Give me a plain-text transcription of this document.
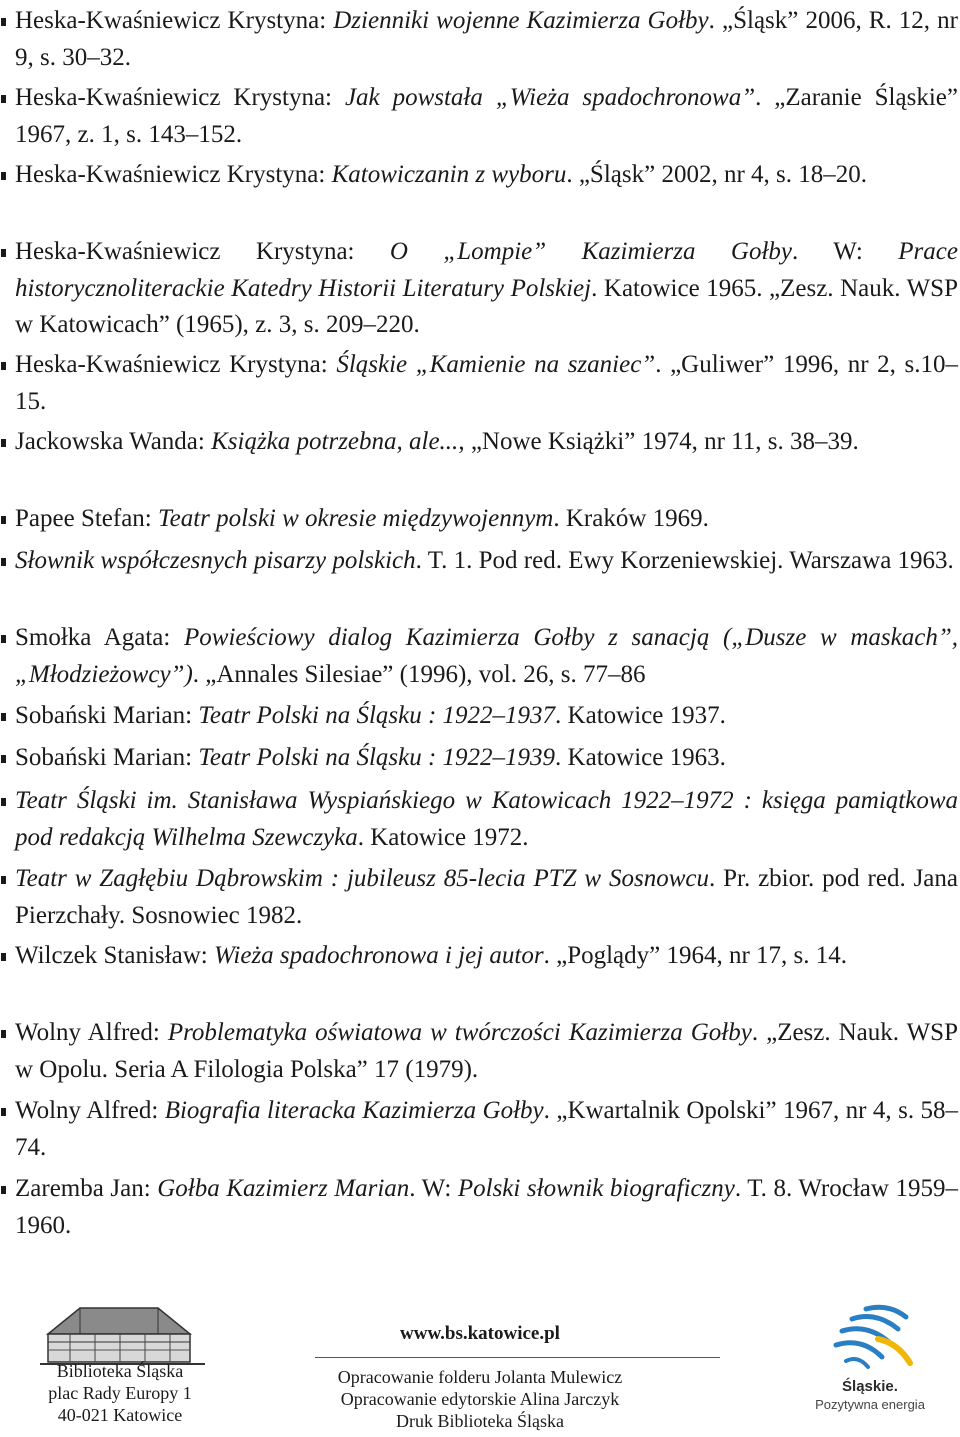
Heska-Kwaśniewicz Krystyna: Dzienniki wojenne Kazimierza Gołby. „Śląsk” 2006, R. 12, nr 9, s. 30–32.
Heska-Kwaśniewicz Krystyna: Jak powstała „Wieża spadochronowa”. „Zaranie Śląskie” 1967, z. 1, s. 143–152.
Heska-Kwaśniewicz Krystyna: Katowiczanin z wyboru. „Śląsk” 2002, nr 4, s. 18–20.
Heska-Kwaśniewicz Krystyna: O „Lompie” Kazimierza Gołby. W: Prace historycznoliterackie Katedry Historii Literatury Polskiej. Katowice 1965. „Zesz. Nauk. WSP w Katowicach” (1965), z. 3, s. 209–220.
Heska-Kwaśniewicz Krystyna: Śląskie „Kamienie na szaniec”. „Guliwer” 1996, nr 2, s.10–15.
Jackowska Wanda: Książka potrzebna, ale..., „Nowe Książki” 1974, nr 11, s. 38–39.
Papee Stefan: Teatr polski w okresie międzywojennym. Kraków 1969.
Słownik współczesnych pisarzy polskich. T. 1. Pod red. Ewy Korzeniewskiej. Warszawa 1963.
Smołka Agata: Powieściowy dialog Kazimierza Gołby z sanacją („Dusze w maskach”, „Młodzieżowcy”). „Annales Silesiae” (1996), vol. 26, s. 77–86
Sobański Marian: Teatr Polski na Śląsku : 1922–1937. Katowice 1937.
Sobański Marian: Teatr Polski na Śląsku : 1922–1939. Katowice 1963.
Teatr Śląski im. Stanisława Wyspiańskiego w Katowicach 1922–1972 : księga pamiątkowa pod redakcją Wilhelma Szewczyka. Katowice 1972.
Teatr w Zagłębiu Dąbrowskim : jubileusz 85-lecia PTZ w Sosnowcu. Pr. zbior. pod red. Jana Pierzchały. Sosnowiec 1982.
Wilczek Stanisław: Wieża spadochronowa i jej autor. „Poglądy” 1964, nr 17, s. 14.
Wolny Alfred: Problematyka oświatowa w twórczości Kazimierza Gołby. „Zesz. Nauk. WSP w Opolu. Seria A Filologia Polska” 17 (1979).
Wolny Alfred: Biografia literacka Kazimierza Gołby. „Kwartalnik Opolski” 1967, nr 4, s. 58–74.
Zaremba Jan: Gołba Kazimierz Marian. W: Polski słownik biograficzny. T. 8. Wrocław 1959–1960.
Biblioteka Śląska
plac Rady Europy 1
40-021 Katowice
www.bs.katowice.pl
Opracowanie folderu Jolanta Mulewicz
Opracowanie edytorskie Alina Jarczyk
Druk Biblioteka Śląska
Śląskie.
Pozytywna energia
